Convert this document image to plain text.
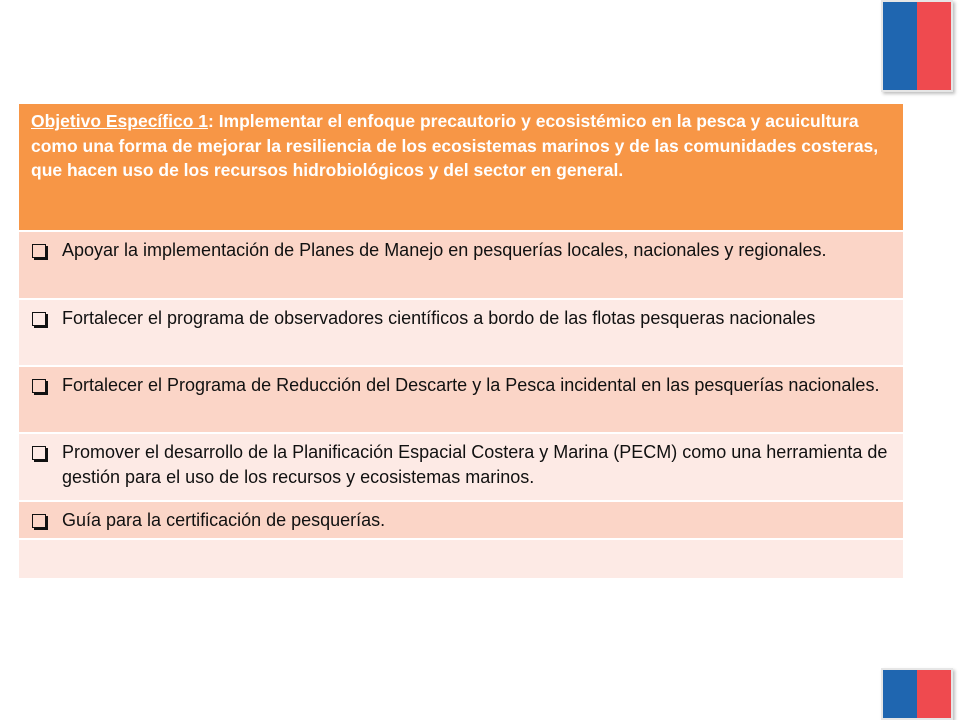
Objetivo Específico 1: Implementar el enfoque precautorio y ecosistémico en la pesca y acuicultura como una forma de mejorar la resiliencia de los ecosistemas marinos y de las comunidades costeras, que hacen uso de los recursos hidrobiológicos y del sector en general.
Apoyar la implementación de Planes de Manejo en pesquerías locales, nacionales y regionales.
Fortalecer el programa de observadores científicos a bordo de las flotas pesqueras nacionales
Fortalecer el Programa de Reducción del Descarte y la Pesca incidental en las pesquerías nacionales.
Promover el desarrollo de la Planificación Espacial Costera y Marina (PECM) como una herramienta de gestión para el uso de los recursos y ecosistemas marinos.
Guía para la certificación de pesquerías.
